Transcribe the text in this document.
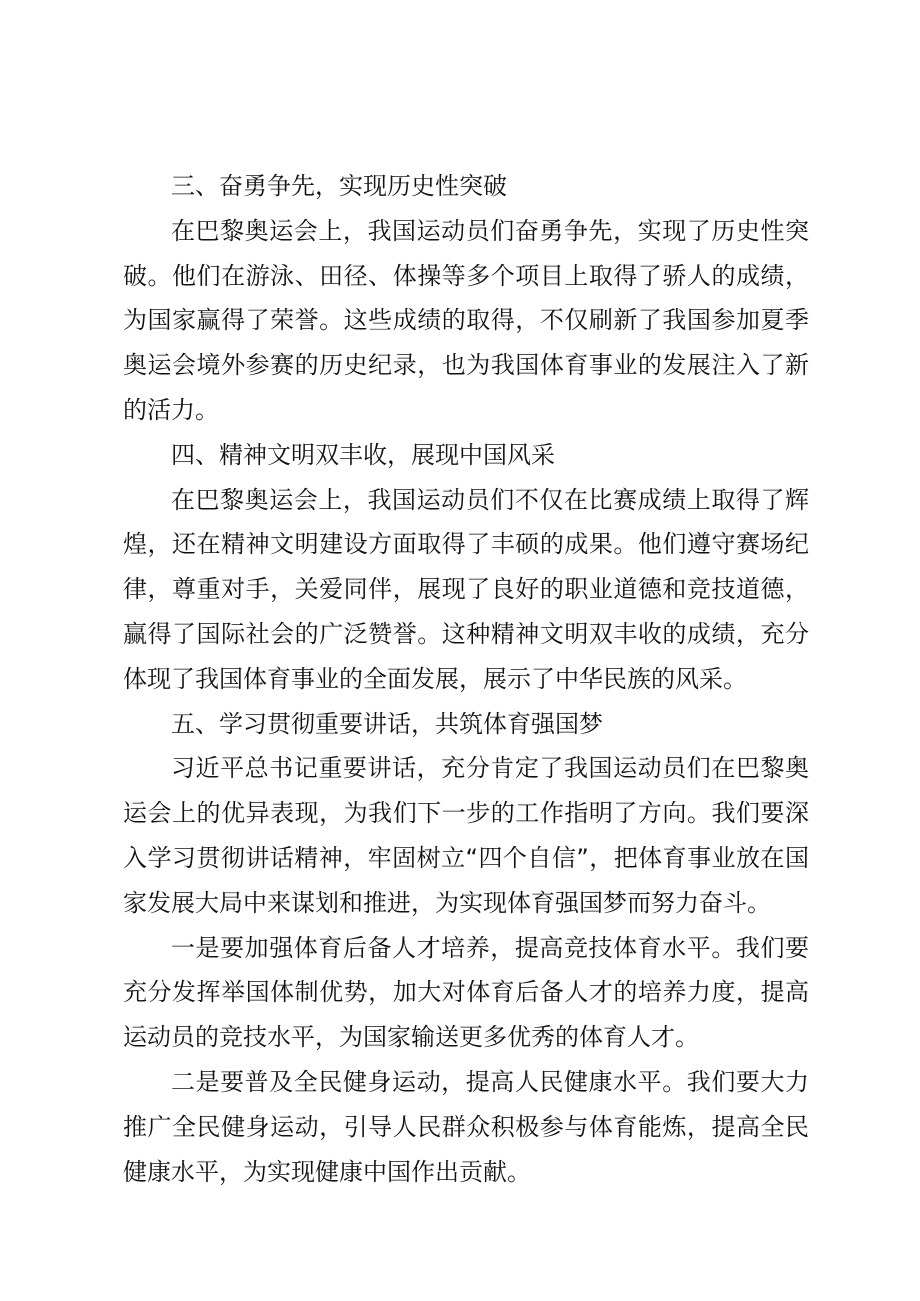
三、奋勇争先，实现历史性突破

在巴黎奥运会上，我国运动员们奋勇争先，实现了历史性突破。他们在游泳、田径、体操等多个项目上取得了骄人的成绩，为国家赢得了荣誉。这些成绩的取得，不仅刷新了我国参加夏季奥运会境外参赛的历史纪录，也为我国体育事业的发展注入了新的活力。

四、精神文明双丰收，展现中国风采

在巴黎奥运会上，我国运动员们不仅在比赛成绩上取得了辉煌，还在精神文明建设方面取得了丰硕的成果。他们遵守赛场纪律，尊重对手，关爱同伴，展现了良好的职业道德和竞技道德，赢得了国际社会的广泛赞誉。这种精神文明双丰收的成绩，充分体现了我国体育事业的全面发展，展示了中华民族的风采。

五、学习贯彻重要讲话，共筑体育强国梦

习近平总书记重要讲话，充分肯定了我国运动员们在巴黎奥运会上的优异表现，为我们下一步的工作指明了方向。我们要深入学习贯彻讲话精神，牢固树立“四个自信”，把体育事业放在国家发展大局中来谋划和推进，为实现体育强国梦而努力奋斗。

一是要加强体育后备人才培养，提高竞技体育水平。我们要充分发挥举国体制优势，加大对体育后备人才的培养力度，提高运动员的竞技水平，为国家输送更多优秀的体育人才。

二是要普及全民健身运动，提高人民健康水平。我们要大力推广全民健身运动，引导人民群众积极参与体育能炼，提高全民健康水平，为实现健康中国作出贡献。
